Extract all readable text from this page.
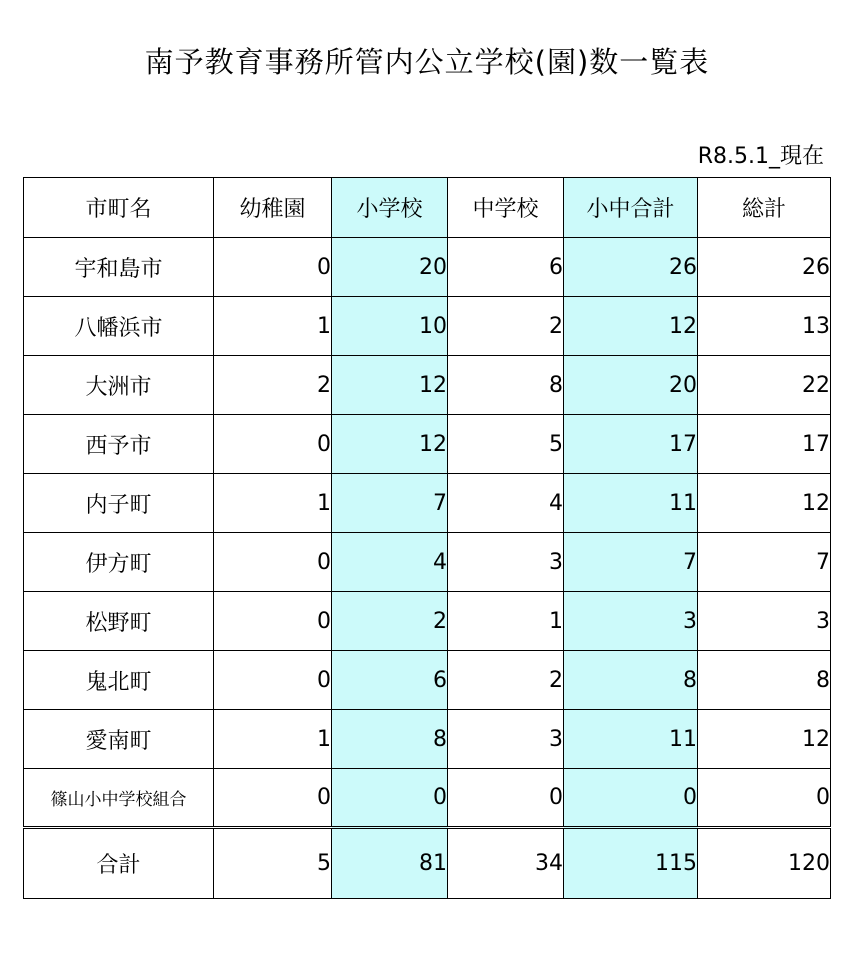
南予教育事務所管内公立学校(園)数一覧表
R8.5.1_現在
市町名	幼稚園	小学校	中学校	小中合計	総計
宇和島市	0	20	6	26	26
八幡浜市	1	10	2	12	13
大洲市	2	12	8	20	22
西予市	0	12	5	17	17
内子町	1	7	4	11	12
伊方町	0	4	3	7	7
松野町	0	2	1	3	3
鬼北町	0	6	2	8	8
愛南町	1	8	3	11	12
篠山小中学校組合	0	0	0	0	0
合計	5	81	34	115	120
